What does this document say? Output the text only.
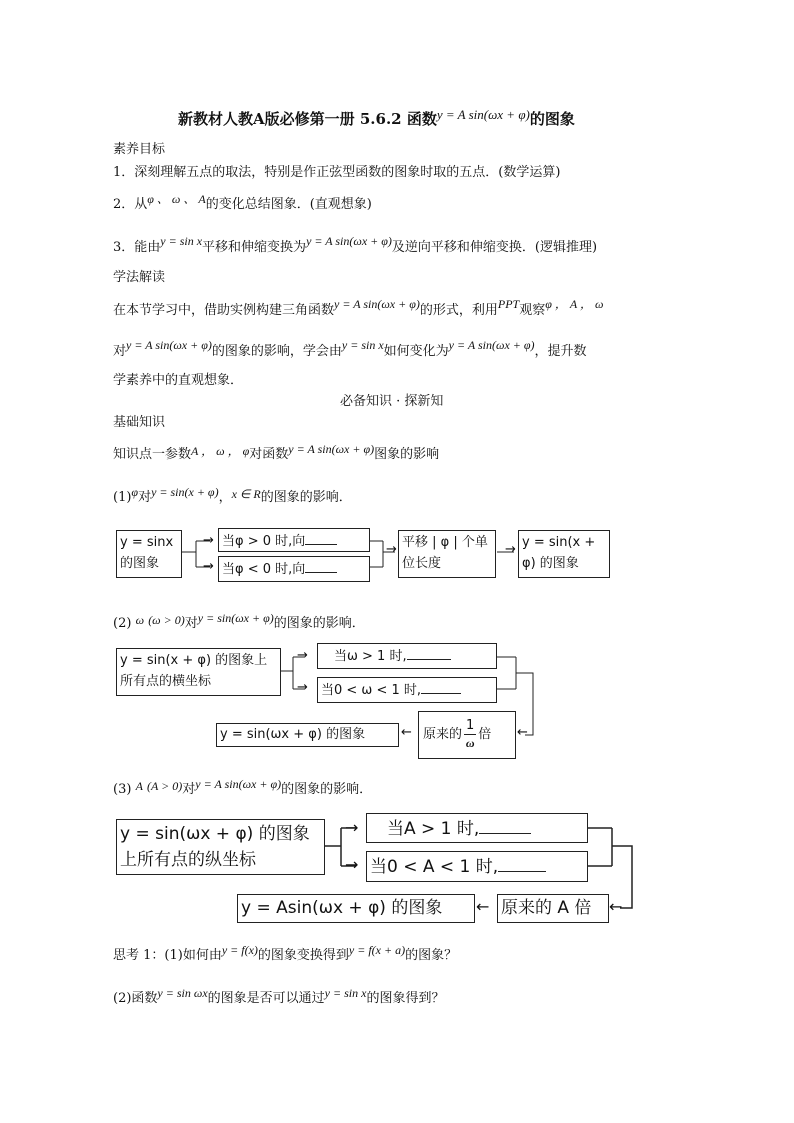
新教材人教A版必修第一册 5.6.2 函数y = A sin(ωx + φ)的图象
素养目标
1．深刻理解五点的取法，特别是作正弦型函数的图象时取的五点．(数学运算)
2．从φ 、 ω 、 A的变化总结图象．(直观想象)
3．能由y = sin x平移和伸缩变换为y = A sin(ωx + φ)及逆向平移和伸缩变换．(逻辑推理)
学法解读
在本节学习中，借助实例构建三角函数y = A sin(ωx + φ)的形式，利用PPT观察φ ， A ， ω
对y = A sin(ωx + φ)的图象的影响，学会由y = sin x如何变化为y = A sin(ωx + φ)，提升数
学素养中的直观想象．
必备知识 · 探新知
基础知识
知识点一参数A ， ω ， φ对函数y = A sin(ωx + φ)图象的影响
(1)φ对y = sin(x + φ)，x ∈ R的图象的影响．
y = sinx 的图象
当φ > 0 时,向
当φ < 0 时,向
→
→
→	→
平移 | φ | 个单位长度
y = sin(x + φ) 的图象
(2) ω (ω > 0)对y = sin(ωx + φ)的图象的影响．
y = sin(x + φ) 的图象上所有点的横坐标
→
→
当ω > 1 时,
当0 < ω < 1 时,
原来的 $\frac{1}{\omega}$ 倍	←
←
y = sin(ωx + φ) 的图象
(3) A (A > 0)对y = A sin(ωx + φ)的图象的影响．
y = sin(ωx + φ) 的图象上所有点的纵坐标
→
→
当A > 1 时,
当0 < A < 1 时,
原来的 A 倍	←
←
y = Asin(ωx + φ) 的图象
思考 1：(1)如何由y = f(x)的图象变换得到y = f(x + a)的图象？
(2)函数y = sin ωx的图象是否可以通过y = sin x的图象得到？
